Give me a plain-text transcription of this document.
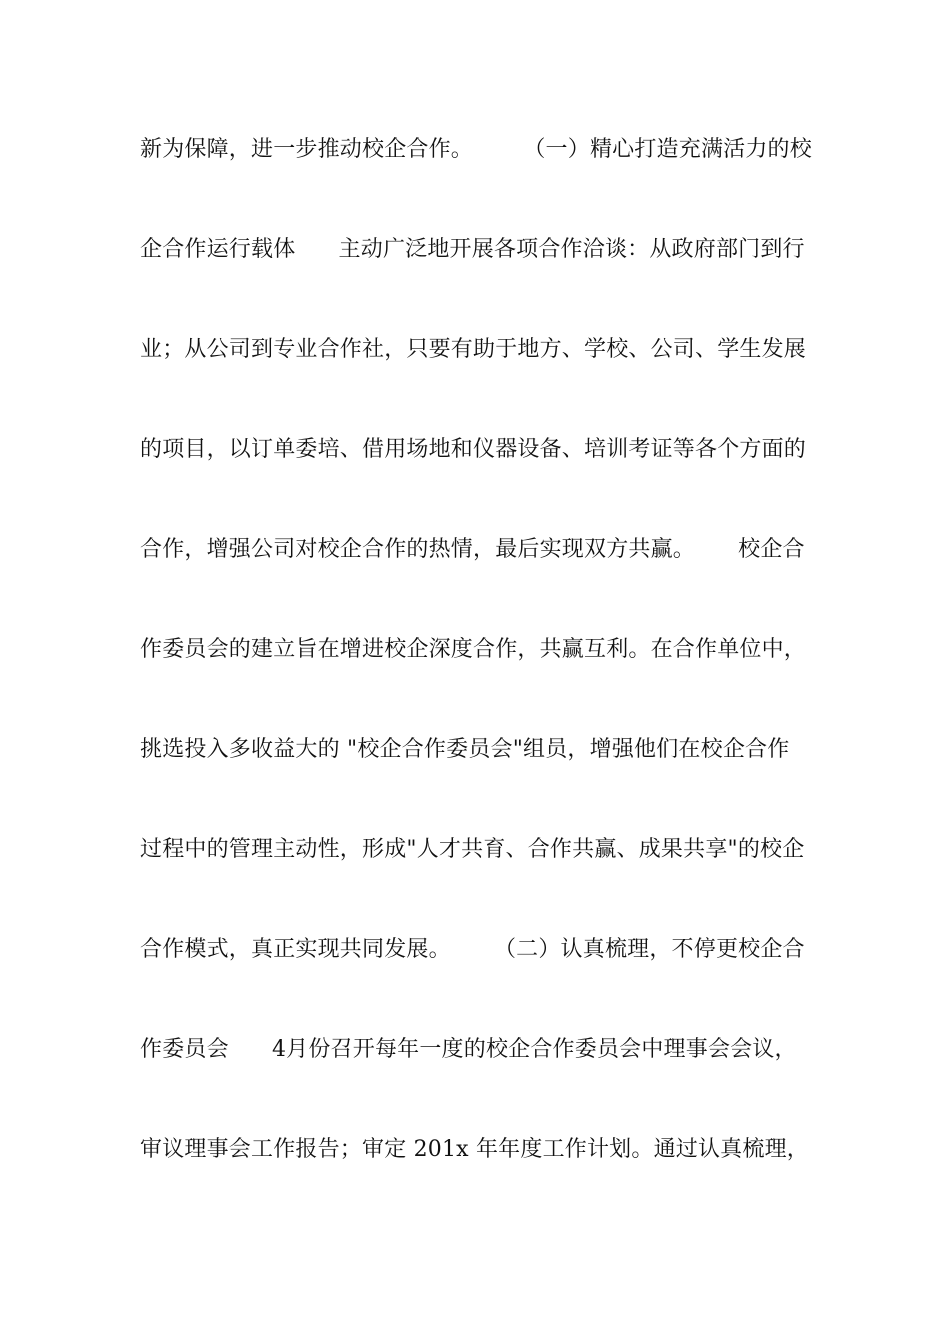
新为保障，进一步推动校企合作。       （一）精心打造充满活力的校
企合作运行载体      主动广泛地开展各项合作洽谈：从政府部门到行
业；从公司到专业合作社，只要有助于地方、学校、公司、学生发展
的项目，以订单委培、借用场地和仪器设备、培训考证等各个方面的
合作，增强公司对校企合作的热情，最后实现双方共赢。      校企合
作委员会的建立旨在增进校企深度合作，共赢互利。在合作单位中，
挑选投入多收益大的 "校企合作委员会"组员，增强他们在校企合作
过程中的管理主动性，形成"人才共育、合作共赢、成果共享"的校企
合作模式，真正实现共同发展。      （二）认真梳理，不停更校企合
作委员会      4月份召开每年一度的校企合作委员会中理事会会议，
审议理事会工作报告；审定 201x 年年度工作计划。通过认真梳理，
